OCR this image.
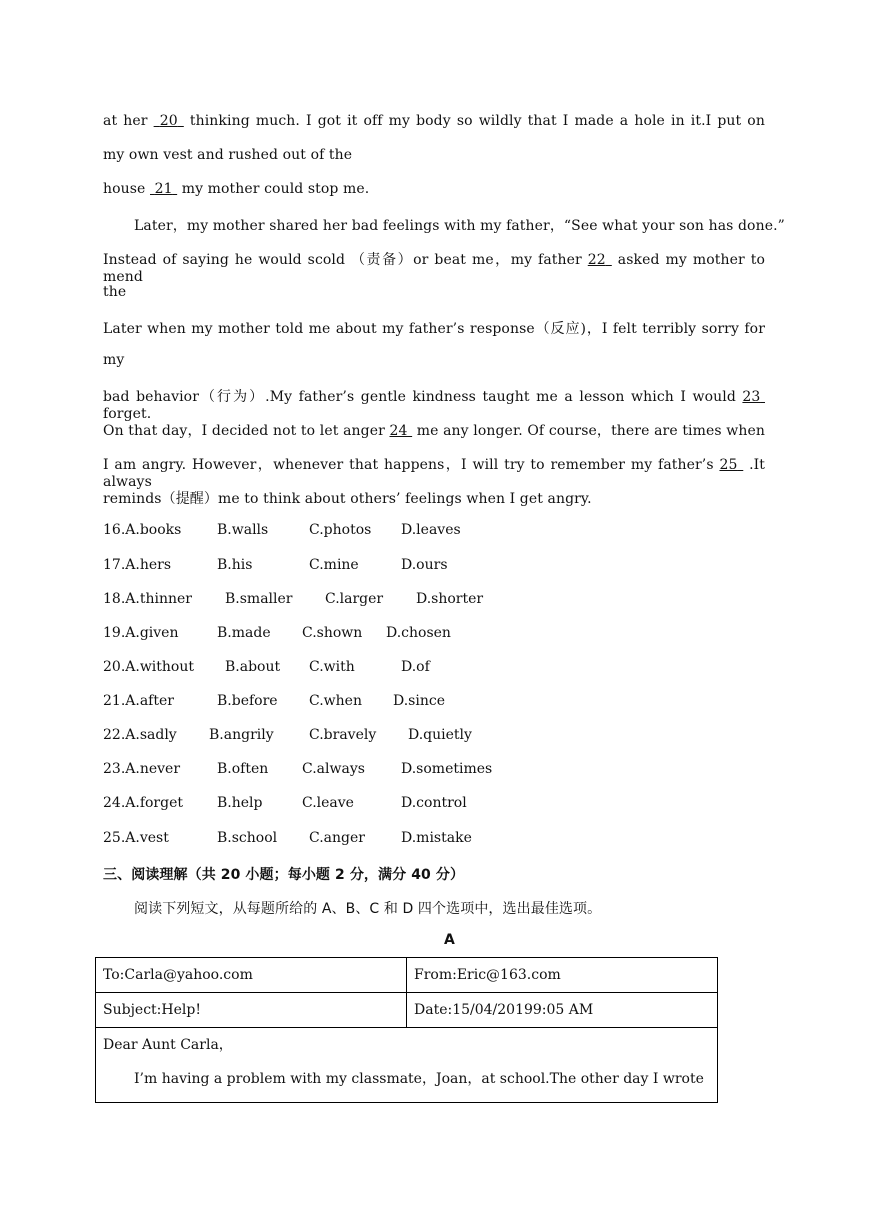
at her 20 thinking much. I got it off my body so wildly that I made a hole in it.I put on
my own vest and rushed out of the
house 21 my mother could stop me.
Later，my mother shared her bad feelings with my father，“See what your son has done.”
Instead of saying he would scold （责备）or beat me，my father 22 asked my mother to mend
the
Later when my mother told me about my father’s response（反应)，I felt terribly sorry for
my
bad behavior（行为）.My father’s gentle kindness taught me a lesson which I would 23  forget.
On that day，I decided not to let anger 24 me any longer. Of course，there are times when
I am angry. However，whenever that happens，I will try to remember my father’s 25 .It always
reminds（提醒）me to think about others’ feelings when I get angry.
16.A.books	B.walls	C.photos D.leaves
17.A.hers	B.his	C.mine	D.ours
18.A.thinner B.smaller C.larger D.shorter
19.A.given	B.made C.shown D.chosen
20.A.without B.about C.with	D.of
21.A.after	B.before C.when D.since
22.A.sadly B.angrily	C.bravely D.quietly
23.A.never	B.often C.always	D.sometimes
24.A.forget B.help	C.leave	D.control
25.A.vest	B.school C.anger	D.mistake
三、阅读理解（共 20 小题；每小题 2 分，满分 40 分）
阅读下列短文，从每题所给的 A、B、C 和 D 四个选项中，选出最佳选项。
A
To:Carla@yahoo.com	From:Eric@163.com
Subject:Help!	Date:15/04/20199:05 AM

Dear Aunt Carla，
I’m having a problem with my classmate，Joan，at school.The other day I wrote	
